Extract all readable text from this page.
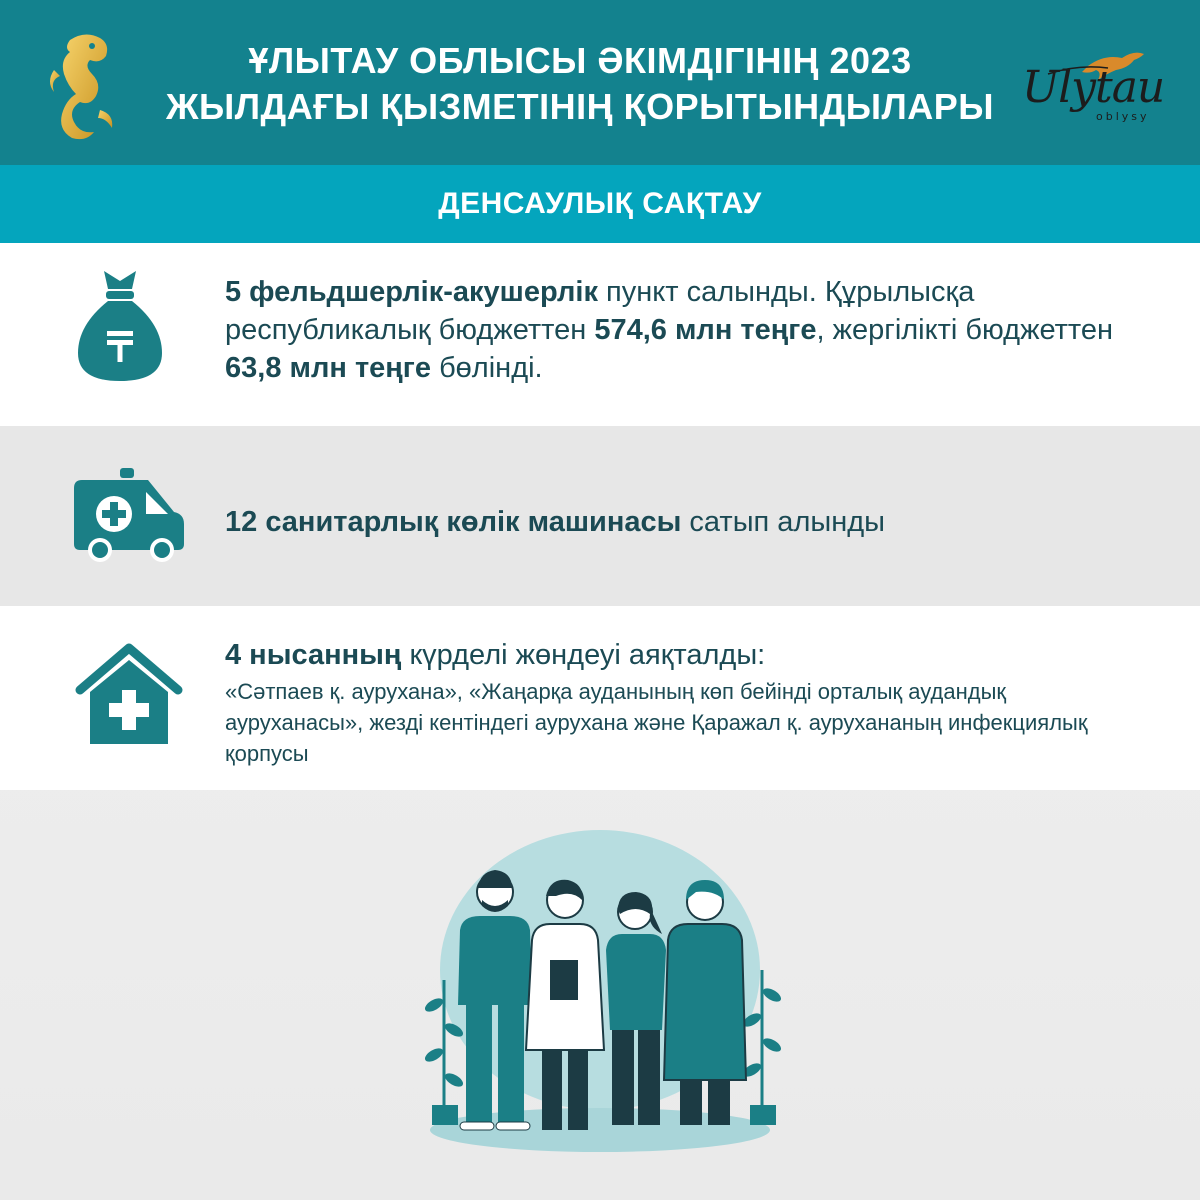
ҰЛЫТАУ ОБЛЫСЫ ӘКІМДІГІНІҢ 2023
ЖЫЛДАҒЫ ҚЫЗМЕТІНІҢ ҚОРЫТЫНДЫЛАРЫ Ulytau
oblysy
ДЕНСАУЛЫҚ САҚТАУ
5 фельдшерлік-акушерлік пункт салынды. Құрылысқа республикалық бюджеттен 574,6 млн теңге, жергілікті бюджеттен 63,8 млн теңге бөлінді.
12 санитарлық көлік машинасы сатып алынды
4 нысанның күрделі жөндеуі аяқталды:
«Сәтпаев қ. аурухана», «Жаңарқа ауданының көп бейінді орталық аудандық ауруханасы», жезді кентіндегі аурухана және Қаражал қ. аурухананың инфекциялық қорпусы
